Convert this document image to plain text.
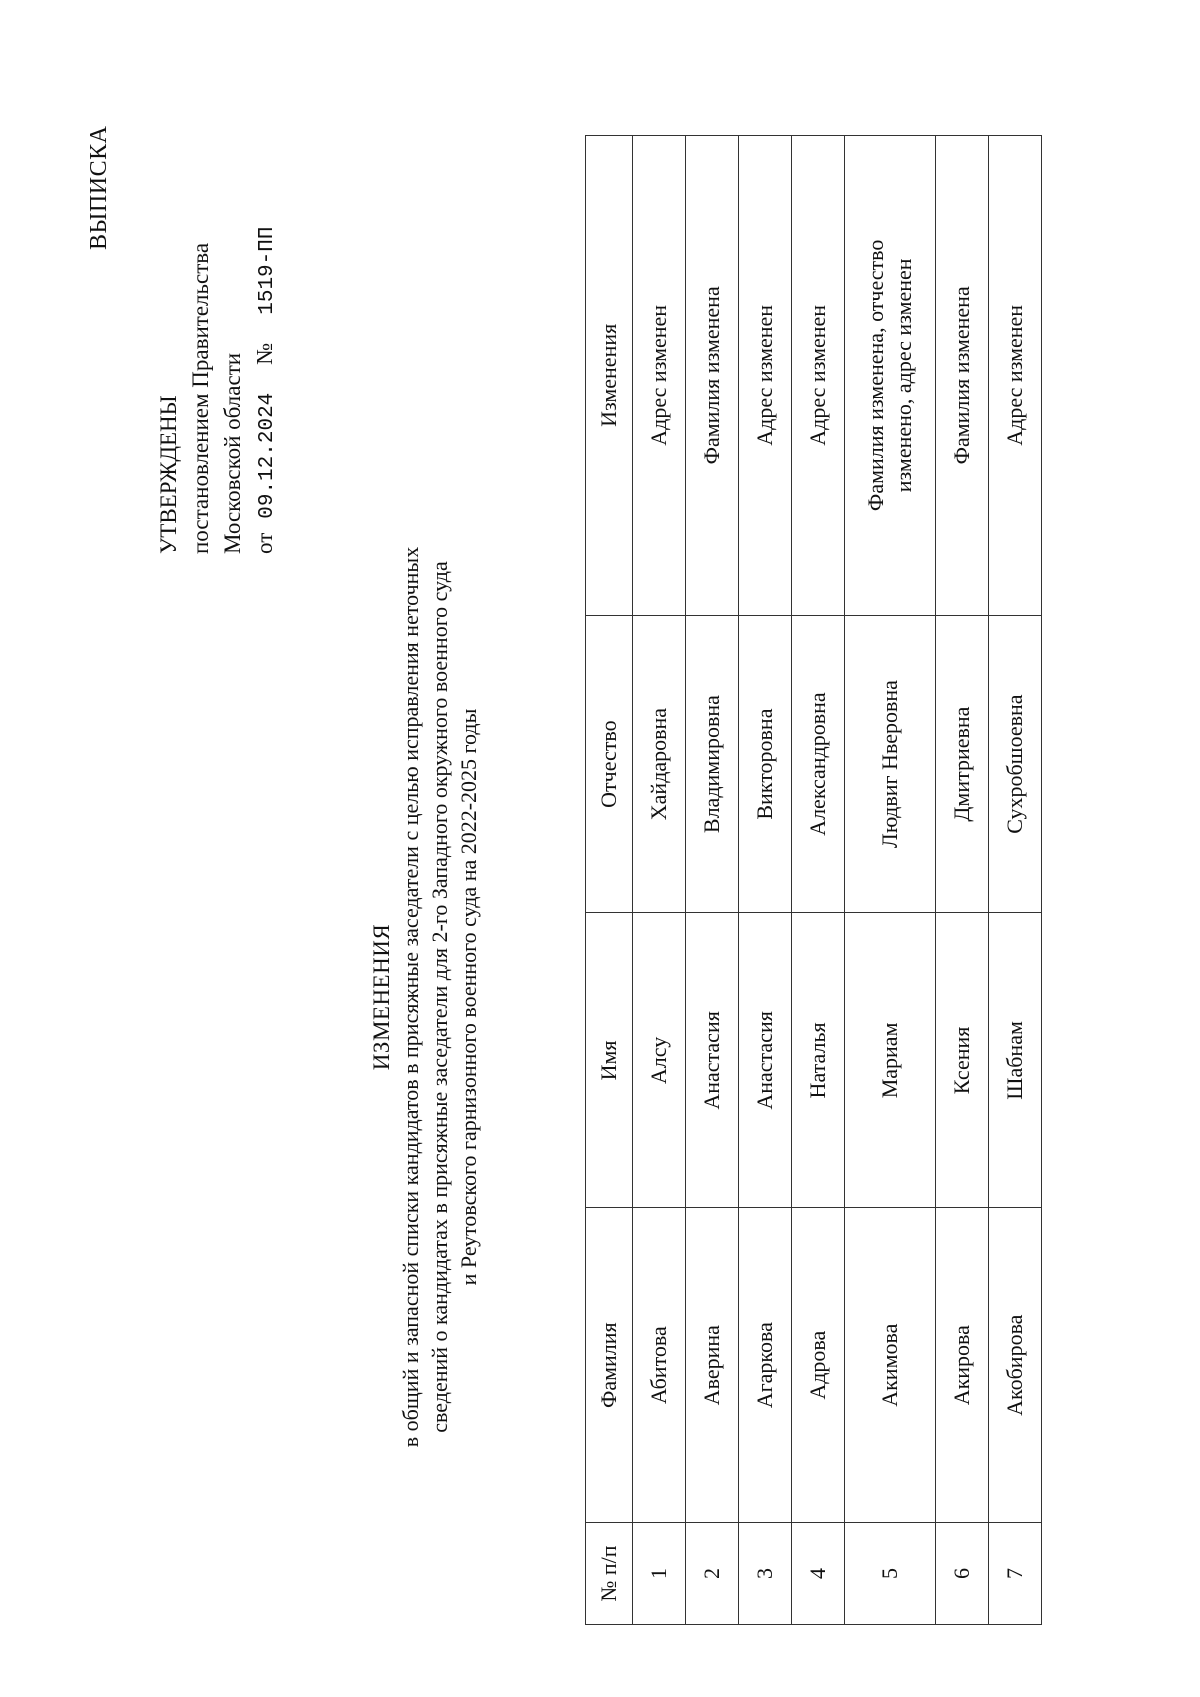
ВЫПИСКА
УТВЕРЖДЕНЫ постановлением Правительства Московской области от09.12.2024№1519-ПП
ИЗМЕНЕНИЯ в общий и запасной списки кандидатов в присяжные заседатели с целью исправления неточных сведений о кандидатах в присяжные заседатели для 2-го Западного окружного военного суда и Реутовского гарнизонного военного суда на 2022-2025 годы
№ п/п	Фамилия	Имя	Отчество	Изменения
1	Абитова	Алсу	Хайдаровна	Адрес изменен
2	Аверина	Анастасия	Владимировна	Фамилия изменена
3	Агаркова	Анастасия	Викторовна	Адрес изменен
4	Адрова	Наталья	Александровна	Адрес изменен
5	Акимова	Мариам	Людвиг Нверовна	Фамилия изменена, отчество изменено, адрес изменен
6	Акирова	Ксения	Дмитриевна	Фамилия изменена
7	Акобирова	Шабнам	Сухробшоевна	Адрес изменен
